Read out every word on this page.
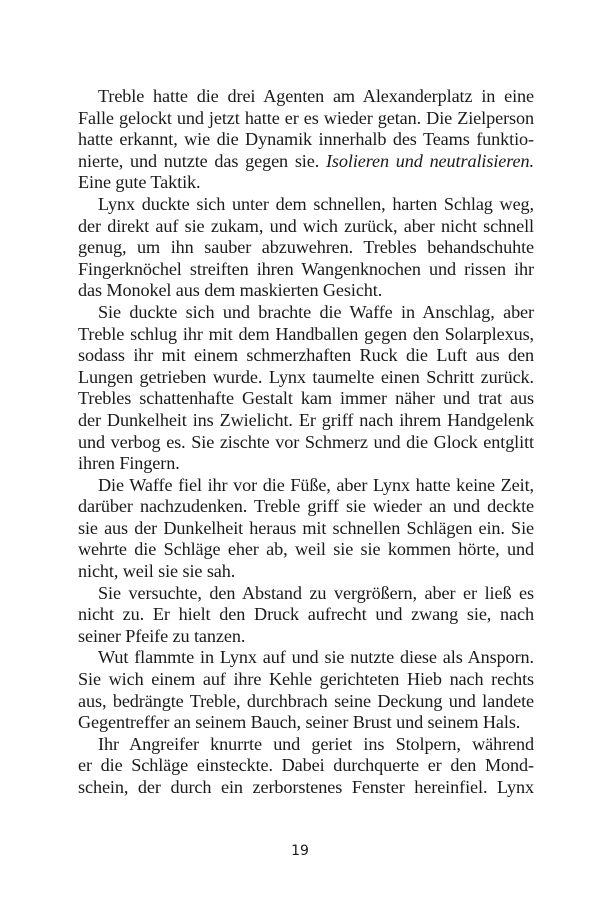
Treble hatte die drei Agenten am Alexanderplatz in eine
Falle gelockt und jetzt hatte er es wieder getan. Die Zielperson
hatte erkannt, wie die Dynamik innerhalb des Teams funktio-
nierte, und nutzte das gegen sie. Isolieren und neutralisieren.
Eine gute Taktik.
Lynx duckte sich unter dem schnellen, harten Schlag weg,
der direkt auf sie zukam, und wich zurück, aber nicht schnell
genug, um ihn sauber abzuwehren. Trebles behandschuhte
Fingerknöchel streiften ihren Wangenknochen und rissen ihr
das Monokel aus dem maskierten Gesicht.
Sie duckte sich und brachte die Waffe in Anschlag, aber
Treble schlug ihr mit dem Handballen gegen den Solarplexus,
sodass ihr mit einem schmerzhaften Ruck die Luft aus den
Lungen getrieben wurde. Lynx taumelte einen Schritt zurück.
Trebles schattenhafte Gestalt kam immer näher und trat aus
der Dunkelheit ins Zwielicht. Er griff nach ihrem Handgelenk
und verbog es. Sie zischte vor Schmerz und die Glock entglitt
ihren Fingern.
Die Waffe fiel ihr vor die Füße, aber Lynx hatte keine Zeit,
darüber nachzudenken. Treble griff sie wieder an und deckte
sie aus der Dunkelheit heraus mit schnellen Schlägen ein. Sie
wehrte die Schläge eher ab, weil sie sie kommen hörte, und
nicht, weil sie sie sah.
Sie versuchte, den Abstand zu vergrößern, aber er ließ es
nicht zu. Er hielt den Druck aufrecht und zwang sie, nach
seiner Pfeife zu tanzen.
Wut flammte in Lynx auf und sie nutzte diese als Ansporn.
Sie wich einem auf ihre Kehle gerichteten Hieb nach rechts
aus, bedrängte Treble, durchbrach seine Deckung und landete
Gegentreffer an seinem Bauch, seiner Brust und seinem Hals.
Ihr Angreifer knurrte und geriet ins Stolpern, während
er die Schläge einsteckte. Dabei durchquerte er den Mond-
schein, der durch ein zerborstenes Fenster hereinfiel. Lynx
19
